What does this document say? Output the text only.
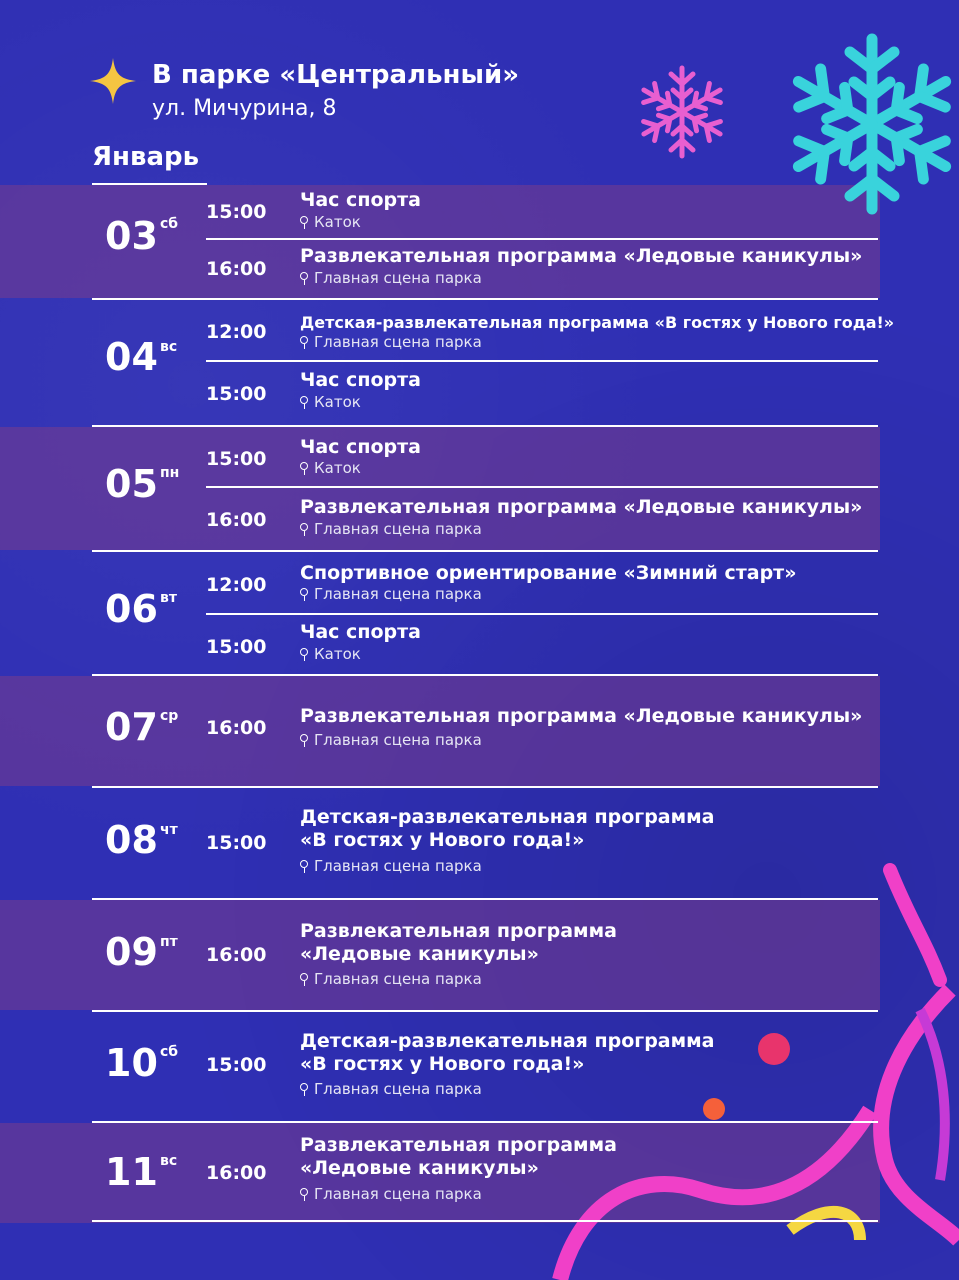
В парке «Центральный»
ул. Мичурина, 8
Январь
03 сб
15:00
Час спорта
Каток
16:00
Развлекательная программа «Ледовые каникулы»
Главная сцена парка
04 вс
12:00 Детская-развлекательная программа «В гостях у Нового года!»
Главная сцена парка
15:00
Час спорта
Каток
05 пн
15:00
Час спорта
Каток
16:00
Развлекательная программа «Ледовые каникулы»
Главная сцена парка
06 вт
12:00
Спортивное ориентирование «Зимний старт»
Главная сцена парка
15:00
Час спорта
Каток
07 ср
16:00
Развлекательная программа «Ледовые каникулы»
Главная сцена парка
08 чт
15:00
Детская-развлекательная программа
«В гостях у Нового года!»
Главная сцена парка
09 пт
16:00
Развлекательная программа
«Ледовые каникулы»
Главная сцена парка
10 сб
15:00
Детская-развлекательная программа
«В гостях у Нового года!»
Главная сцена парка
11 вс
16:00
Развлекательная программа
«Ледовые каникулы»
Главная сцена парка
